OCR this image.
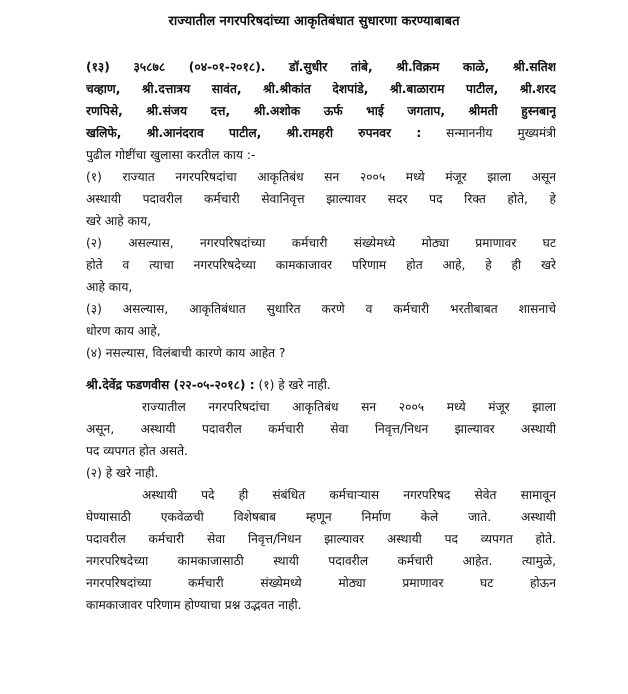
राज्यातील नगरपरिषदांच्या आकृतिबंधात सुधारणा करण्याबाबत
(१३) ३५८७८ (०४-०१-२०१८). डॉ.सुधीर तांबे, श्री.विक्रम काळे, श्री.सतिश
चव्हाण, श्री.दत्तात्रय सावंत, श्री.श्रीकांत देशपांडे, श्री.बाळाराम पाटील, श्री.शरद
रणपिसे, श्री.संजय दत्त, श्री.अशोक ऊर्फ भाई जगताप, श्रीमती हुस्नबानू
खलिफे, श्री.आनंदराव पाटील, श्री.रामहरी रुपनवर : सन्माननीय मुख्यमंत्री
पुढील गोष्टींचा खुलासा करतील काय :-
(१) राज्यात नगरपरिषदांचा आकृतिबंध सन २००५ मध्ये मंजूर झाला असून
अस्थायी पदावरील कर्मचारी सेवानिवृत्त झाल्यावर सदर पद रिक्त होते, हे
खरे आहे काय,
(२) असल्यास, नगरपरिषदांच्या कर्मचारी संख्येमध्ये मोठ्या प्रमाणावर घट
होते व त्याचा नगरपरिषदेच्या कामकाजावर परिणाम होत आहे, हे ही खरे
आहे काय,
(३) असल्यास, आकृतिबंधात सुधारित करणे व कर्मचारी भरतीबाबत शासनाचे
धोरण काय आहे,
(४) नसल्यास, विलंबाची कारणे काय आहेत ?
श्री.देवेंद्र फडणवीस (२२-०५-२०१८) : (१) हे खरे नाही.
राज्यातील नगरपरिषदांचा आकृतिबंध सन २००५ मध्ये मंजूर झाला
असून, अस्थायी पदावरील कर्मचारी सेवा निवृत्त/निधन झाल्यावर अस्थायी
पद व्यपगत होत असते.
(२) हे खरे नाही.
अस्थायी पदे ही संबंधित कर्मचाऱ्यास नगरपरिषद सेवेत सामावून
घेण्यासाठी एकवेळची विशेषबाब म्हणून निर्माण केले जाते. अस्थायी
पदावरील कर्मचारी सेवा निवृत्त/निधन झाल्यावर अस्थायी पद व्यपगत होते.
नगरपरिषदेच्या कामकाजासाठी स्थायी पदावरील कर्मचारी आहेत. त्यामुळे,
नगरपरिषदांच्या कर्मचारी संख्येमध्ये मोठ्या प्रमाणावर घट होऊन
कामकाजावर परिणाम होण्याचा प्रश्न उद्भवत नाही.
